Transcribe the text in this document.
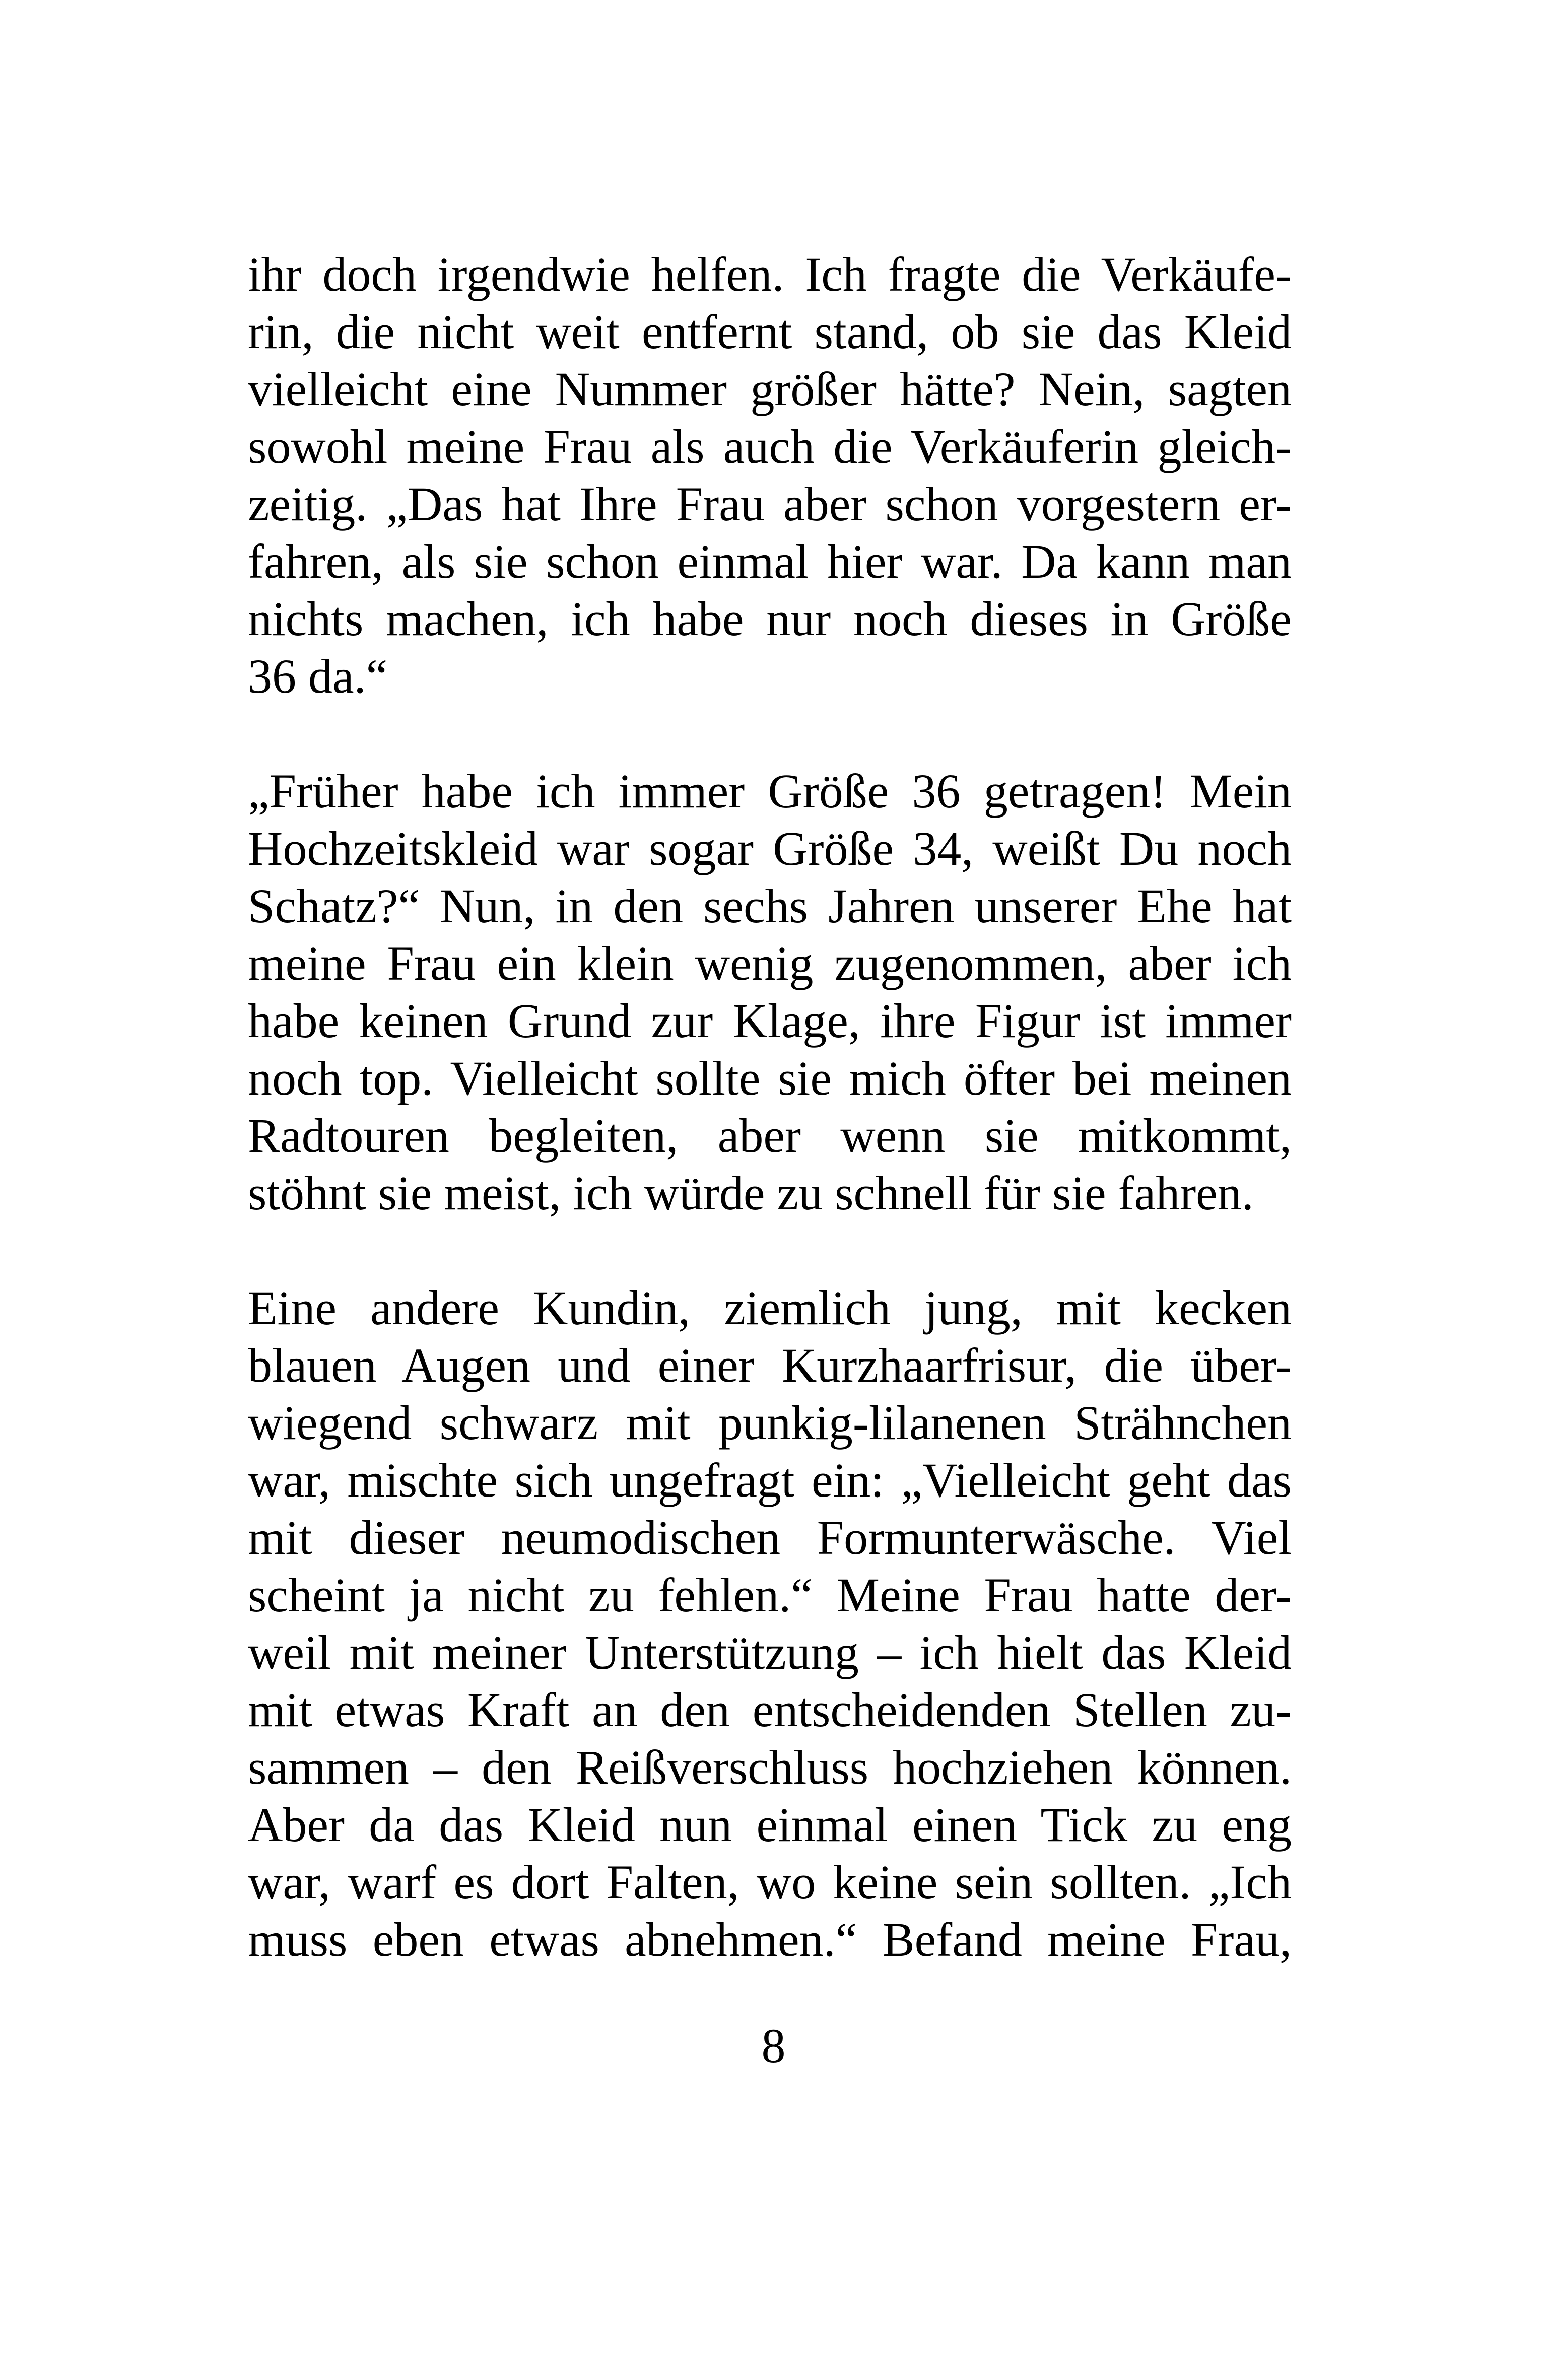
ihr doch irgendwie helfen. Ich fragte die Verkäufe-
rin, die nicht weit entfernt stand, ob sie das Kleid
vielleicht eine Nummer größer hätte? Nein, sagten
sowohl meine Frau als auch die Verkäuferin gleich-
zeitig. „Das hat Ihre Frau aber schon vorgestern er-
fahren, als sie schon einmal hier war. Da kann man
nichts machen, ich habe nur noch dieses in Größe
36 da.“
„Früher habe ich immer Größe 36 getragen! Mein
Hochzeitskleid war sogar Größe 34, weißt Du noch
Schatz?“ Nun, in den sechs Jahren unserer Ehe hat
meine Frau ein klein wenig zugenommen, aber ich
habe keinen Grund zur Klage, ihre Figur ist immer
noch top. Vielleicht sollte sie mich öfter bei meinen
Radtouren begleiten, aber wenn sie mitkommt,
stöhnt sie meist, ich würde zu schnell für sie fahren.
Eine andere Kundin, ziemlich jung, mit kecken
blauen Augen und einer Kurzhaarfrisur, die über-
wiegend schwarz mit punkig-lilanenen Strähnchen
war, mischte sich ungefragt ein: „Vielleicht geht das
mit dieser neumodischen Formunterwäsche. Viel
scheint ja nicht zu fehlen.“ Meine Frau hatte der-
weil mit meiner Unterstützung – ich hielt das Kleid
mit etwas Kraft an den entscheidenden Stellen zu-
sammen – den Reißverschluss hochziehen können.
Aber da das Kleid nun einmal einen Tick zu eng
war, warf es dort Falten, wo keine sein sollten. „Ich
muss eben etwas abnehmen.“ Befand meine Frau,
8
